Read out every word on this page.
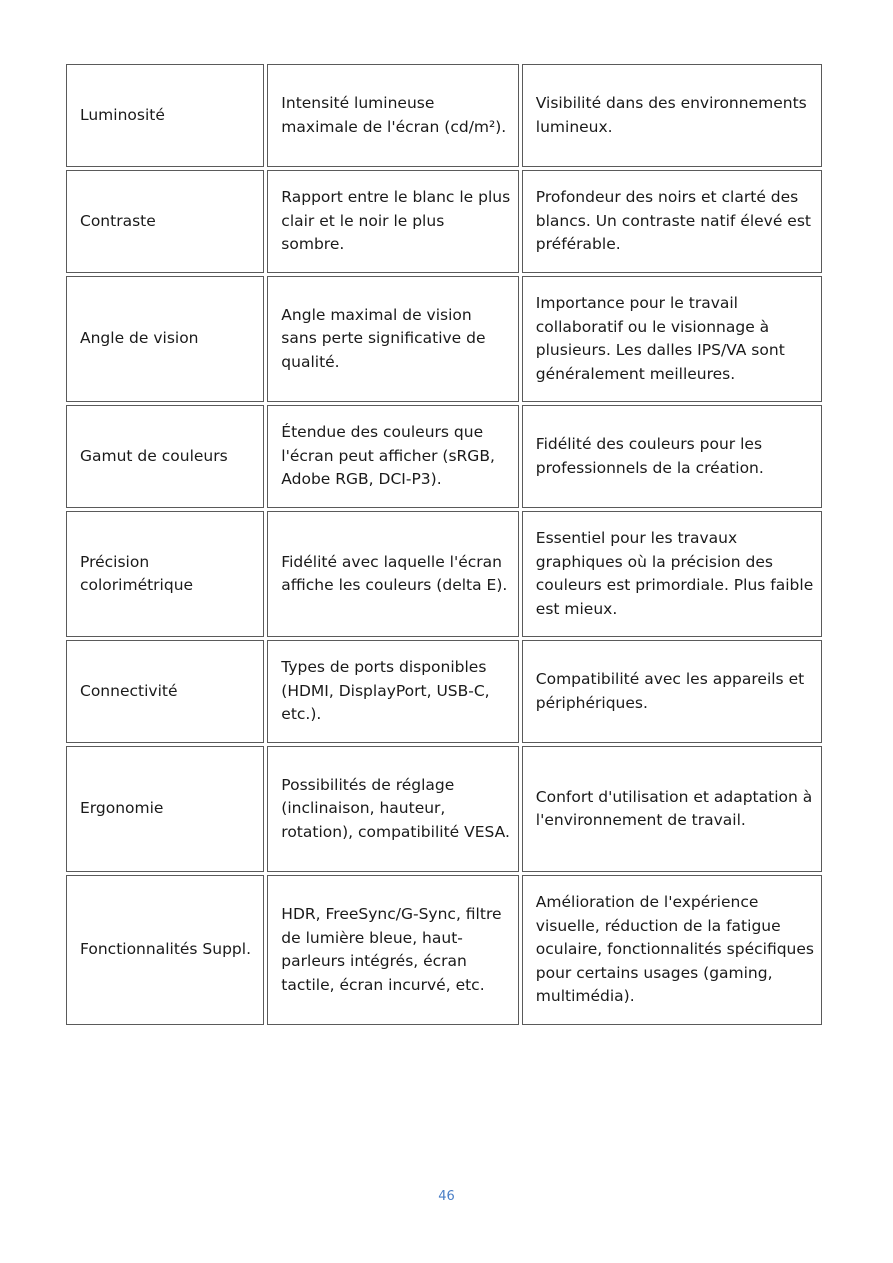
Luminosité	Intensité lumineuse maximale de l'écran (cd/m²).	Visibilité dans des environnements lumineux.
Contraste	Rapport entre le blanc le plus clair et le noir le plus sombre.	Profondeur des noirs et clarté des blancs. Un contraste natif élevé est préférable.
Angle de vision	Angle maximal de vision sans perte significative de qualité.	Importance pour le travail collaboratif ou le visionnage à plusieurs. Les dalles IPS/VA sont généralement meilleures.
Gamut de couleurs	Étendue des couleurs que l'écran peut afficher (sRGB, Adobe RGB, DCI-P3).	Fidélité des couleurs pour les professionnels de la création.
Précision colorimétrique	Fidélité avec laquelle l'écran affiche les couleurs (delta E).	Essentiel pour les travaux graphiques où la précision des couleurs est primordiale. Plus faible est mieux.
Connectivité	Types de ports disponibles (HDMI, DisplayPort, USB-C, etc.).	Compatibilité avec les appareils et périphériques.
Ergonomie	Possibilités de réglage (inclinaison, hauteur, rotation), compatibilité VESA.	Confort d'utilisation et adaptation à l'environnement de travail.
Fonctionnalités Suppl.	HDR, FreeSync/G-Sync, filtre de lumière bleue, haut-parleurs intégrés, écran tactile, écran incurvé, etc.	Amélioration de l'expérience visuelle, réduction de la fatigue oculaire, fonctionnalités spécifiques pour certains usages (gaming, multimédia).
46
